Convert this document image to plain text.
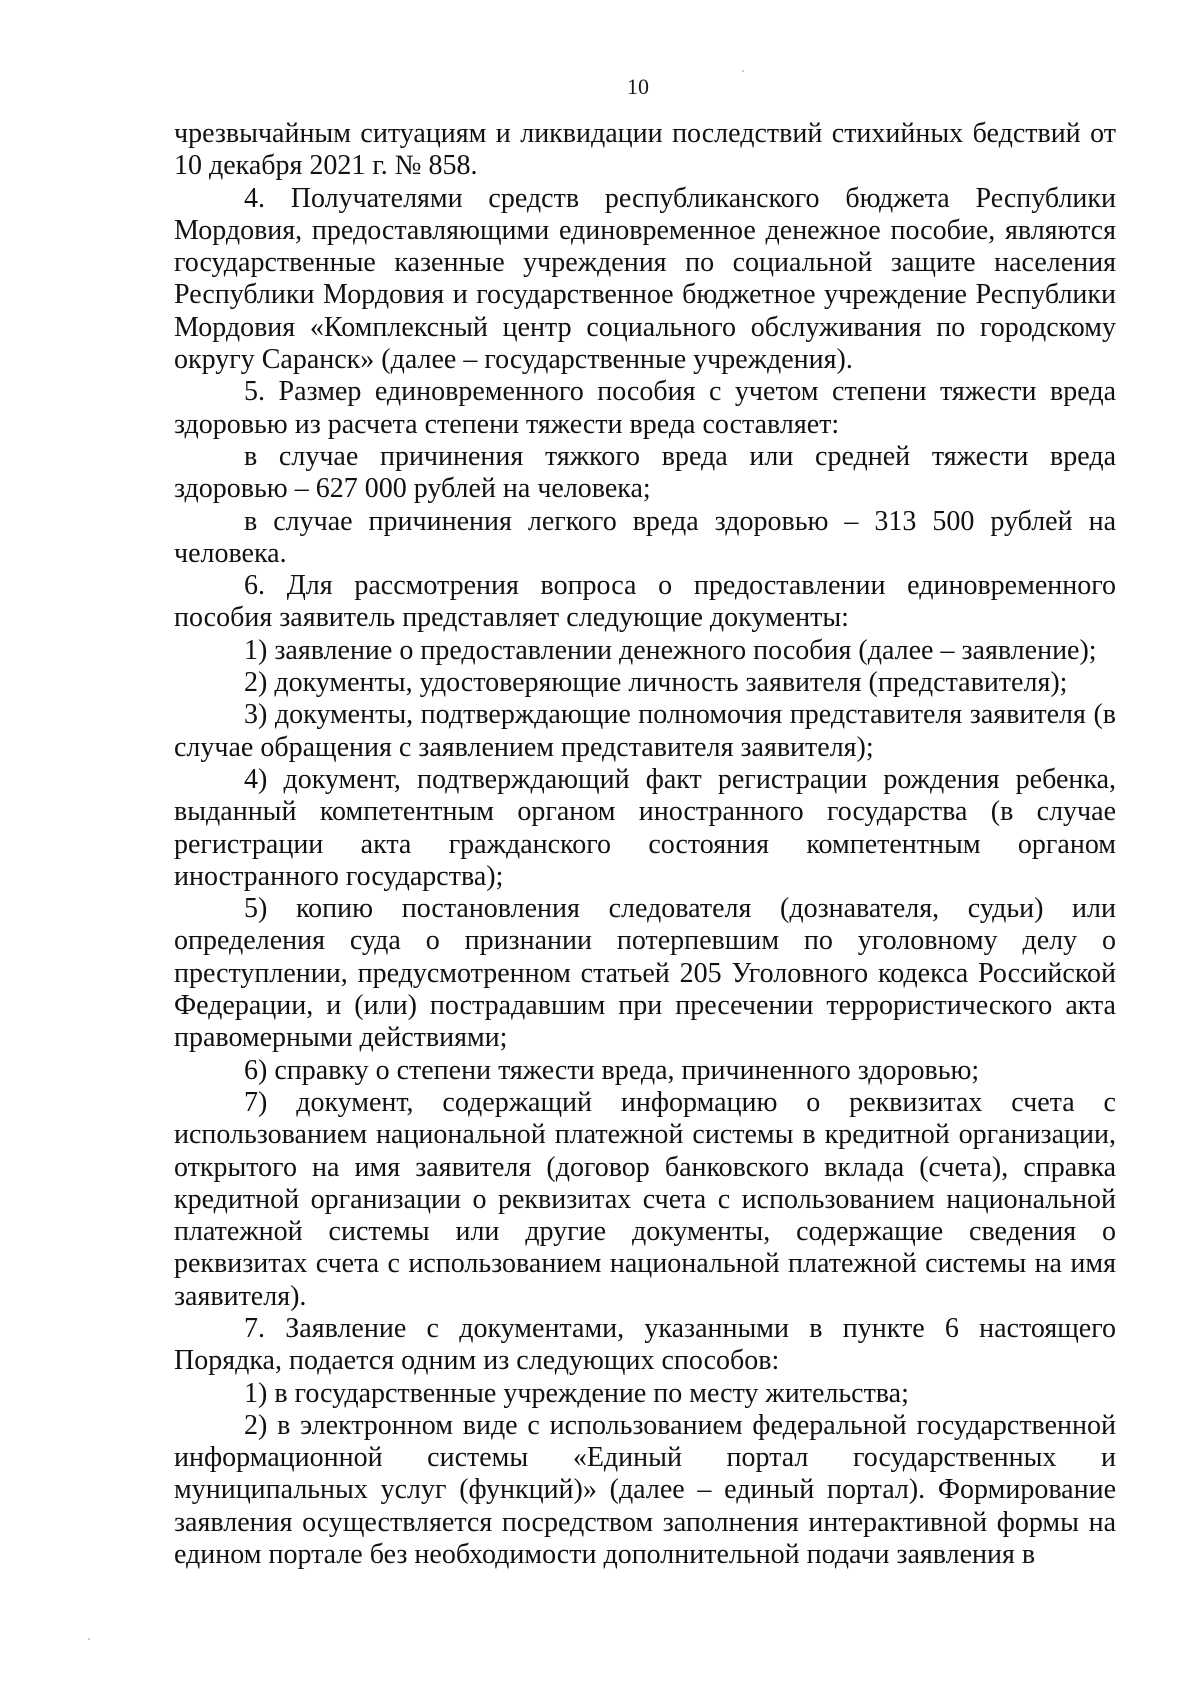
10

чрезвычайным ситуациям и ликвидации последствий стихийных бедствий от 10 декабря 2021 г. № 858.

4. Получателями средств республиканского бюджета Республики Мордовия, предоставляющими единовременное денежное пособие, являются государственные казенные учреждения по социальной защите населения Республики Мордовия и государственное бюджетное учреждение Республики Мордовия «Комплексный центр социального обслуживания по городскому округу Саранск» (далее – государственные учреждения).

5. Размер единовременного пособия с учетом степени тяжести вреда здоровью из расчета степени тяжести вреда составляет:

в случае причинения тяжкого вреда или средней тяжести вреда здоровью – 627 000 рублей на человека;

в случае причинения легкого вреда здоровью – 313 500 рублей на человека.

6. Для рассмотрения вопроса о предоставлении единовременного пособия заявитель представляет следующие документы:

1) заявление о предоставлении денежного пособия (далее – заявление);

2) документы, удостоверяющие личность заявителя (представителя);

3) документы, подтверждающие полномочия представителя заявителя (в случае обращения с заявлением представителя заявителя);

4) документ, подтверждающий факт регистрации рождения ребенка, выданный компетентным органом иностранного государства (в случае регистрации акта гражданского состояния компетентным органом иностранного государства);

5) копию постановления следователя (дознавателя, судьи) или определения суда о признании потерпевшим по уголовному делу о преступлении, предусмотренном статьей 205 Уголовного кодекса Российской Федерации, и (или) пострадавшим при пресечении террористического акта правомерными действиями;

6) справку о степени тяжести вреда, причиненного здоровью;

7) документ, содержащий информацию о реквизитах счета с использованием национальной платежной системы в кредитной организации, открытого на имя заявителя (договор банковского вклада (счета), справка кредитной организации о реквизитах счета с использованием национальной платежной системы или другие документы, содержащие сведения о реквизитах счета с использованием национальной платежной системы на имя заявителя).

7. Заявление с документами, указанными в пункте 6 настоящего Порядка, подается одним из следующих способов:

1) в государственные учреждение по месту жительства;

2) в электронном виде с использованием федеральной государственной информационной системы «Единый портал государственных и муниципальных услуг (функций)» (далее – единый портал). Формирование заявления осуществляется посредством заполнения интерактивной формы на едином портале без необходимости дополнительной подачи заявления в
